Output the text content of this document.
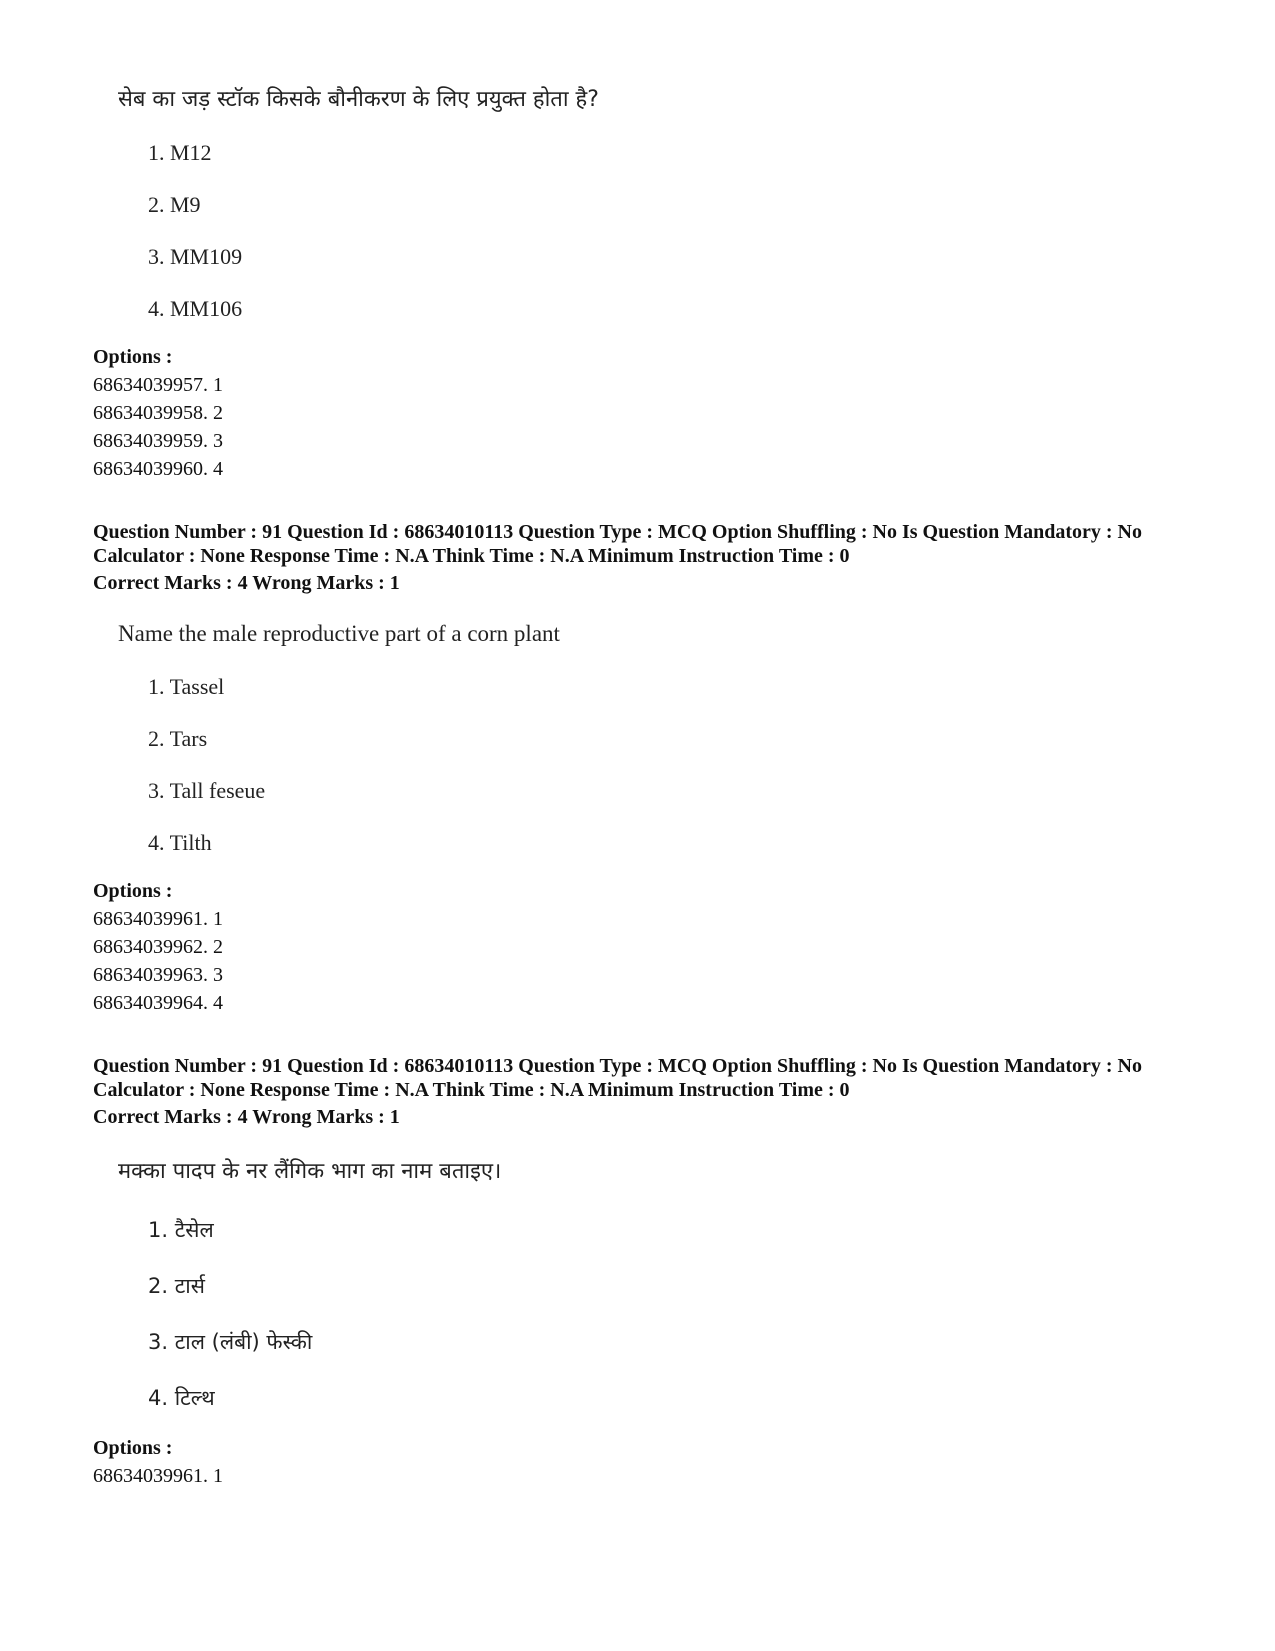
सेब का जड़ स्टॉक किसके बौनीकरण के लिए प्रयुक्त होता है?
1. M12
2. M9
3. MM109
4. MM106
Options :
68634039957. 1
68634039958. 2
68634039959. 3
68634039960. 4
Question Number : 91 Question Id : 68634010113 Question Type : MCQ Option Shuffling : No Is Question Mandatory : No Calculator : None Response Time : N.A Think Time : N.A Minimum Instruction Time : 0
Correct Marks : 4 Wrong Marks : 1
Name the male reproductive part of a corn plant
1. Tassel
2. Tars
3. Tall feseue
4. Tilth
Options :
68634039961. 1
68634039962. 2
68634039963. 3
68634039964. 4
Question Number : 91 Question Id : 68634010113 Question Type : MCQ Option Shuffling : No Is Question Mandatory : No Calculator : None Response Time : N.A Think Time : N.A Minimum Instruction Time : 0
Correct Marks : 4 Wrong Marks : 1
मक्का पादप के नर लैंगिक भाग का नाम बताइए।
1. टैसेल
2. टार्स
3. टाल (लंबी) फेस्की
4. टिल्थ
Options :
68634039961. 1
